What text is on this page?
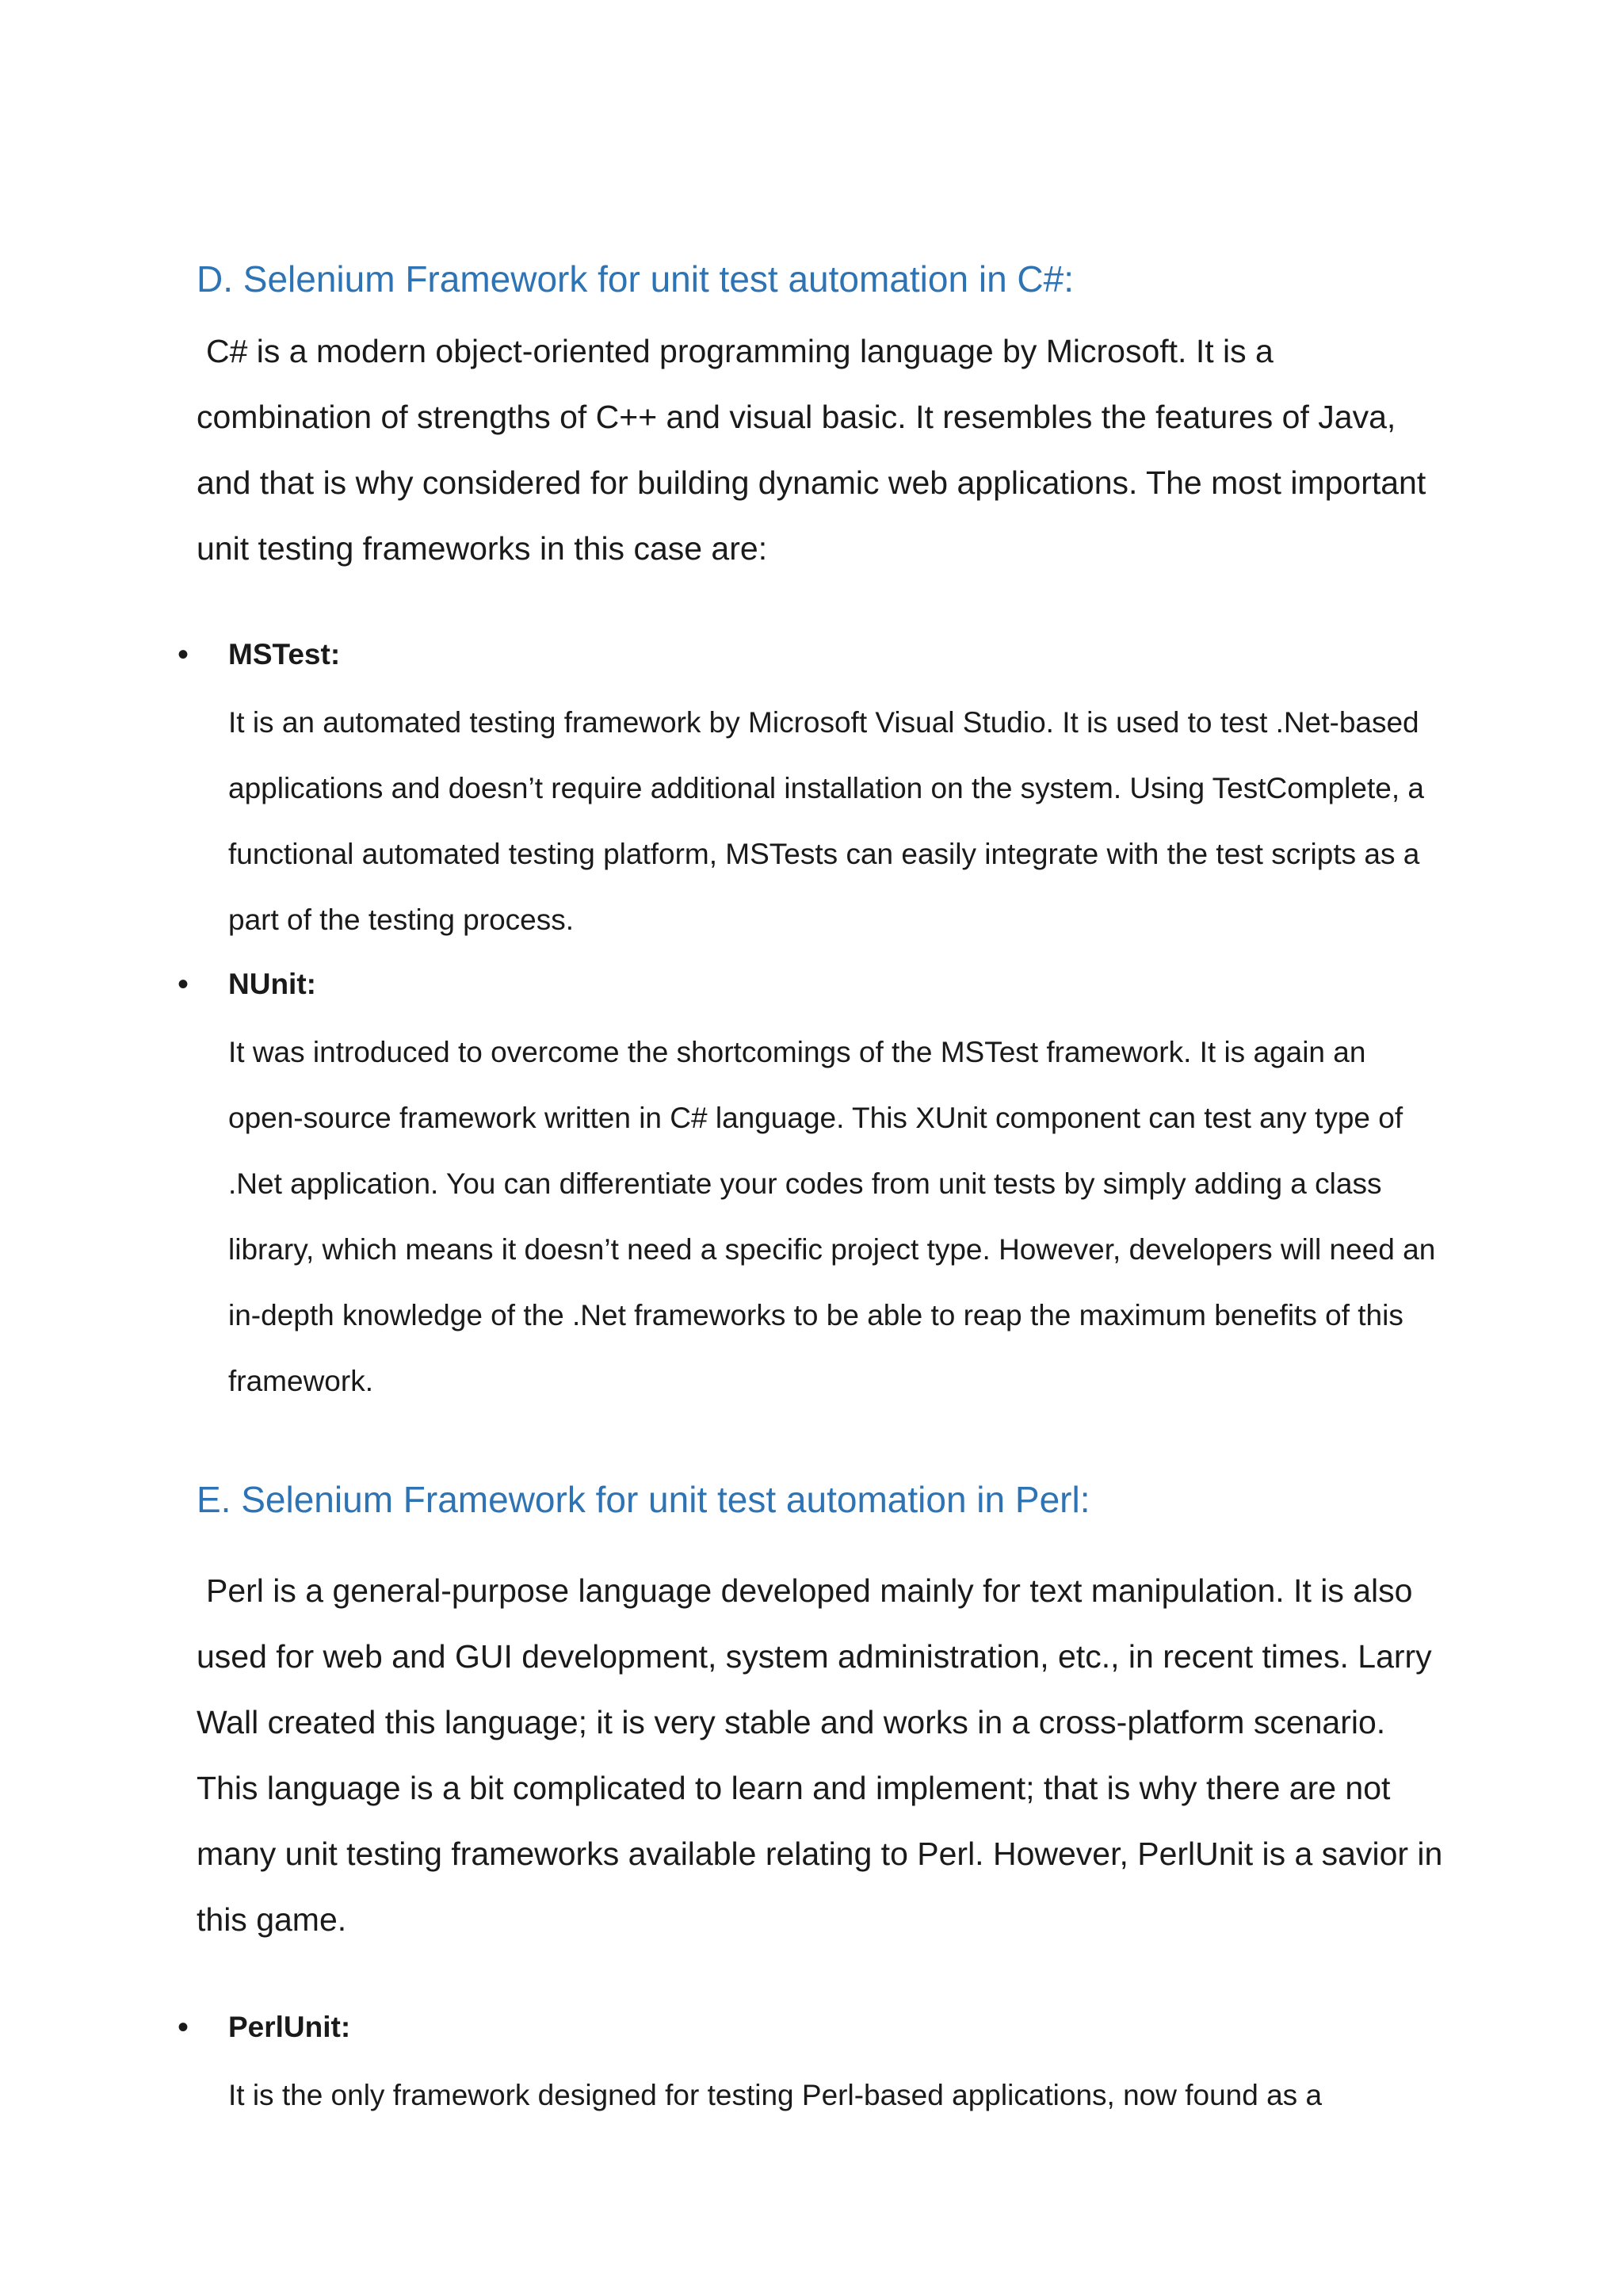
D. Selenium Framework for unit test automation in C#:

C# is a modern object-oriented programming language by Microsoft. It is a combination of strengths of C++ and visual basic. It resembles the features of Java, and that is why considered for building dynamic web applications. The most important unit testing frameworks in this case are:

• MSTest:

It is an automated testing framework by Microsoft Visual Studio. It is used to test .Net-based applications and doesn’t require additional installation on the system. Using TestComplete, a functional automated testing platform, MSTests can easily integrate with the test scripts as a part of the testing process.

• NUnit:

It was introduced to overcome the shortcomings of the MSTest framework. It is again an open-source framework written in C# language. This XUnit component can test any type of .Net application. You can differentiate your codes from unit tests by simply adding a class library, which means it doesn’t need a specific project type. However, developers will need an in-depth knowledge of the .Net frameworks to be able to reap the maximum benefits of this framework.

E. Selenium Framework for unit test automation in Perl:

Perl is a general-purpose language developed mainly for text manipulation. It is also used for web and GUI development, system administration, etc., in recent times. Larry Wall created this language; it is very stable and works in a cross-platform scenario. This language is a bit complicated to learn and implement; that is why there are not many unit testing frameworks available relating to Perl. However, PerlUnit is a savior in this game.

• PerlUnit:

It is the only framework designed for testing Perl-based applications, now found as a
